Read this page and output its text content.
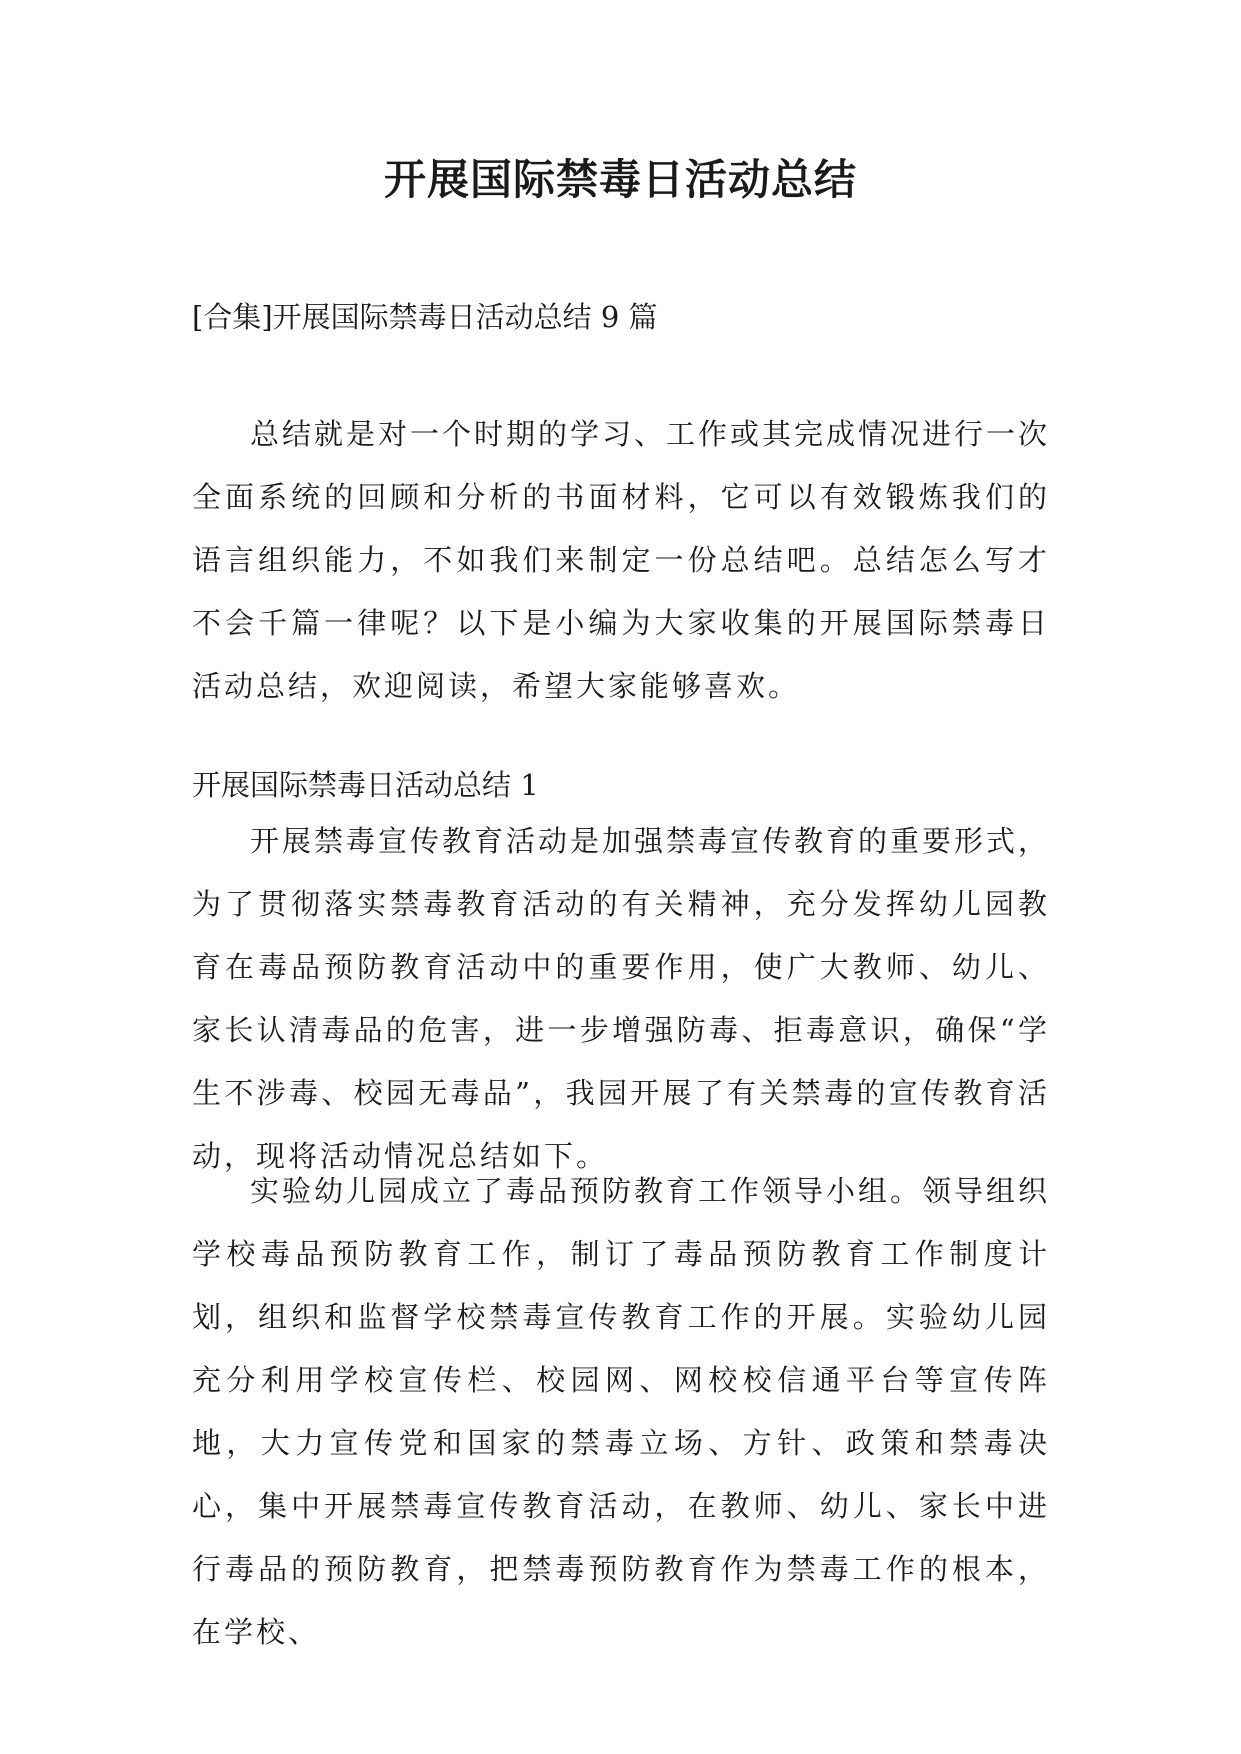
开展国际禁毒日活动总结
[合集]开展国际禁毒日活动总结 9 篇

总结就是对一个时期的学习、工作或其完成情况进行一次全面系统的回顾和分析的书面材料，它可以有效锻炼我们的语言组织能力，不如我们来制定一份总结吧。总结怎么写才不会千篇一律呢？以下是小编为大家收集的开展国际禁毒日活动总结，欢迎阅读，希望大家能够喜欢。

开展国际禁毒日活动总结 1

开展禁毒宣传教育活动是加强禁毒宣传教育的重要形式，为了贯彻落实禁毒教育活动的有关精神，充分发挥幼儿园教育在毒品预防教育活动中的重要作用，使广大教师、幼儿、家长认清毒品的危害，进一步增强防毒、拒毒意识，确保“学生不涉毒、校园无毒品”，我园开展了有关禁毒的宣传教育活动，现将活动情况总结如下。

实验幼儿园成立了毒品预防教育工作领导小组。领导组织学校毒品预防教育工作，制订了毒品预防教育工作制度计划，组织和监督学校禁毒宣传教育工作的开展。实验幼儿园充分利用学校宣传栏、校园网、网校校信通平台等宣传阵地，大力宣传党和国家的禁毒立场、方针、政策和禁毒决心，集中开展禁毒宣传教育活动，在教师、幼儿、家长中进行毒品的预防教育，把禁毒预防教育作为禁毒工作的根本，在学校、
